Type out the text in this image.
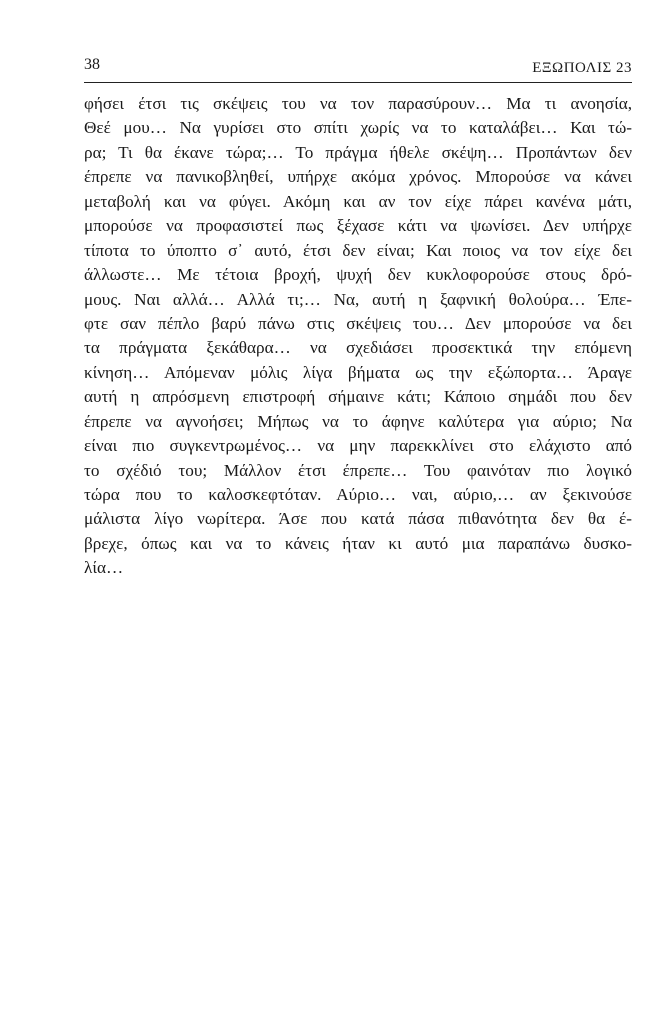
38	ΕΞΩΠΟΛΙΣ 23
φήσει έτσι τις σκέψεις του να τον παρασύρουν… Μα τι ανοησία,
Θεέ μου… Να γυρίσει στο σπίτι χωρίς να το καταλάβει… Και τώ-
ρα; Τι θα έκανε τώρα;… Το πράγμα ήθελε σκέψη… Προπάντων δεν
έπρεπε να πανικοβληθεί, υπήρχε ακόμα χρόνος. Μπορούσε να κάνει
μεταβολή και να φύγει. Ακόμη και αν τον είχε πάρει κανένα μάτι,
μπορούσε να προφασιστεί πως ξέχασε κάτι να ψωνίσει. Δεν υπήρχε
τίποτα το ύποπτο σ᾽ αυτό, έτσι δεν είναι; Και ποιος να τον είχε δει
άλλωστε… Με τέτοια βροχή, ψυχή δεν κυκλοφορούσε στους δρό-
μους. Ναι αλλά… Αλλά τι;… Να, αυτή η ξαφνική θολούρα… Έπε-
φτε σαν πέπλο βαρύ πάνω στις σκέψεις του… Δεν μπορούσε να δει
τα πράγματα ξεκάθαρα… να σχεδιάσει προσεκτικά την επόμενη
κίνηση… Απόμεναν μόλις λίγα βήματα ως την εξώπορτα… Άραγε
αυτή η απρόσμενη επιστροφή σήμαινε κάτι; Κάποιο σημάδι που δεν
έπρεπε να αγνοήσει; Μήπως να το άφηνε καλύτερα για αύριο; Να
είναι πιο συγκεντρωμένος… να μην παρεκκλίνει στο ελάχιστο από
το σχέδιό του; Μάλλον έτσι έπρεπε… Του φαινόταν πιο λογικό
τώρα που το καλοσκεφτόταν. Αύριο… ναι, αύριο,… αν ξεκινούσε
μάλιστα λίγο νωρίτερα. Άσε που κατά πάσα πιθανότητα δεν θα έ-
βρεχε, όπως και να το κάνεις ήταν κι αυτό μια παραπάνω δυσκο-
λία…
